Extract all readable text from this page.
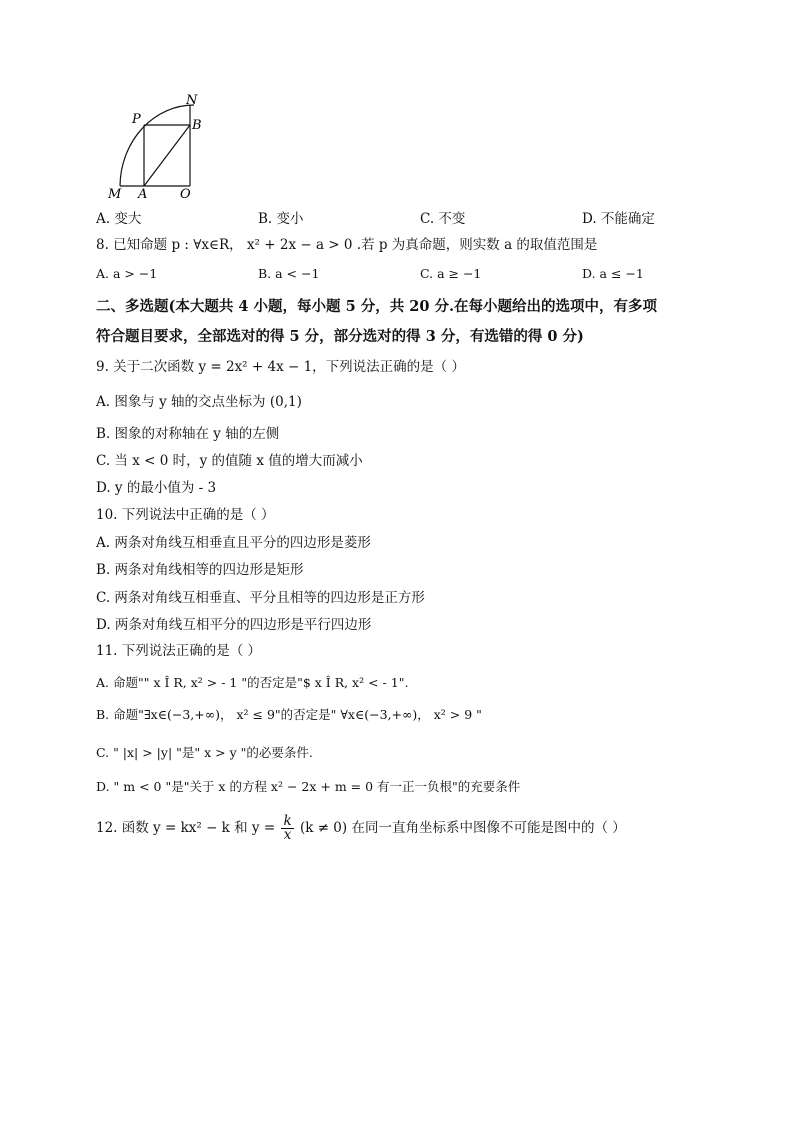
N
P	B
M A	O
A. 变大	B. 变小	C. 不变	D. 不能确定
8. 已知命题 p : ∀x∈R， x² + 2x − a > 0 .若 p 为真命题，则实数 a 的取值范围是
A. a > −1	B. a < −1	C. a ≥ −1	D. a ≤ −1
二、多选题(本大题共 4 小题，每小题 5 分，共 20 分.在每小题给出的选项中，有多项
符合题目要求，全部选对的得 5 分，部分选对的得 3 分，有选错的得 0 分)
9. 关于二次函数 y = 2x² + 4x − 1，下列说法正确的是（ ）
A. 图象与 y 轴的交点坐标为 (0,1)
B. 图象的对称轴在 y 轴的左侧
C. 当 x < 0 时，y 的值随 x 值的增大而减小
D. y 的最小值为 - 3
10. 下列说法中正确的是（ ）
A. 两条对角线互相垂直且平分的四边形是菱形
B. 两条对角线相等的四边形是矩形
C. 两条对角线互相垂直、平分且相等的四边形是正方形
D. 两条对角线互相平分的四边形是平行四边形
11. 下列说法正确的是（ ）
A. 命题"" x Î R, x² > - 1 "的否定是"$ x Î R, x² < - 1".
B. 命题"∃x∈(−3,+∞)， x² ≤ 9"的否定是" ∀x∈(−3,+∞)， x² > 9 "
C. " |x| > |y| "是" x > y "的必要条件.
D. " m < 0 "是"关于 x 的方程 x² − 2x + m = 0 有一正一负根"的充要条件
12. 函数 y = kx² − k 和 $y = \frac{k}{x} (k \ne 0)$ 在同一直角坐标系中图像不可能是图中的（ ）
